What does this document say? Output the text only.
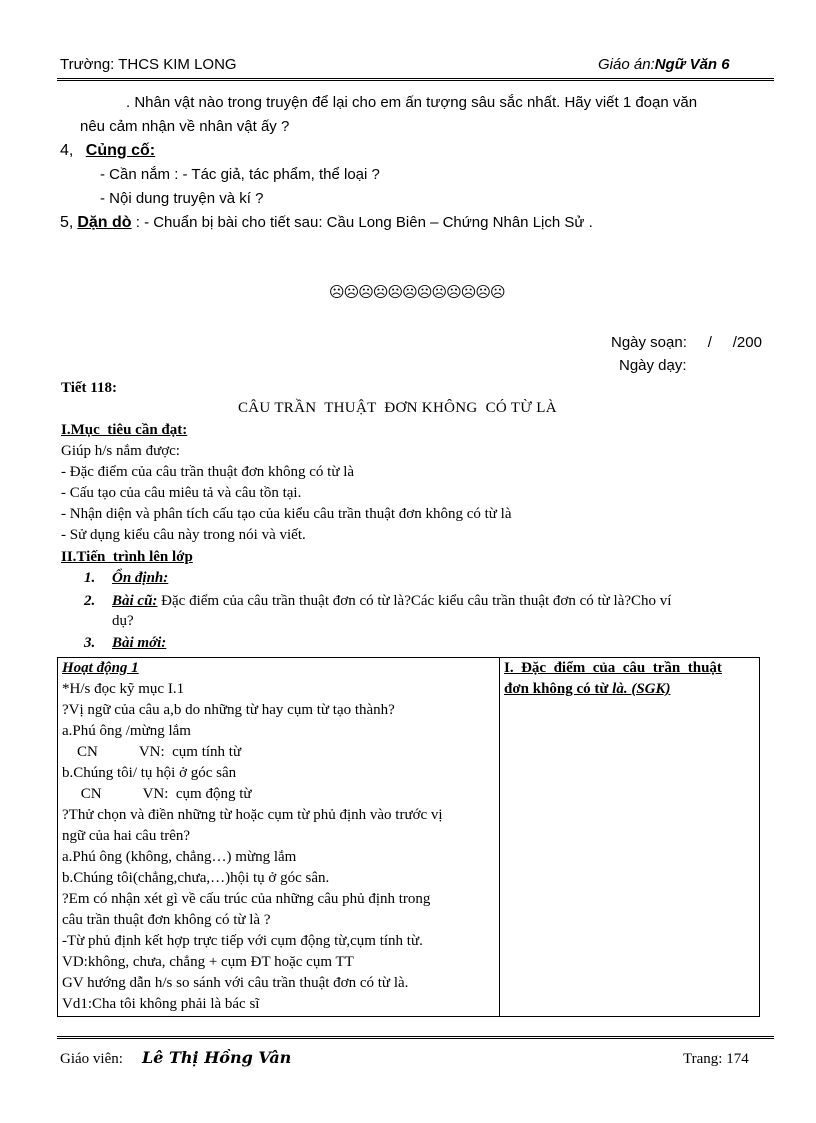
Trường: THCS KIM LONG	Giáo án:Ngữ Văn 6
. Nhân vật nào trong truyện để lại cho em ấn tượng sâu sắc nhất. Hãy viết 1 đoạn văn
nêu cảm nhận về nhân vật ấy ?
4, Củng cố:
- Cần nắm : - Tác giả, tác phẩm, thể loại ?
- Nội dung truyện và kí ?
5, Dặn dò : - Chuẩn bị bài cho tiết sau: Cầu Long Biên – Chứng Nhân Lịch Sử .
☹☹☹☹☹☹☹☹☹☹☹☹
Ngày soạn:     /     /200
Ngày dạy:
Tiết 118:
CÂU TRẦN  THUẬT  ĐƠN KHÔNG  CÓ TỪ LÀ
I.Mục  tiêu cần đạt:
Giúp h/s nắm được:
- Đặc điểm của câu trần thuật đơn không có từ là
- Cấu tạo của câu miêu tả và câu tồn tại.
- Nhận diện và phân tích cấu tạo của kiểu câu trần thuật đơn không có từ là
- Sử dụng kiểu câu này trong nói và viết.
II.Tiến  trình lên lớp
1. Ổn định:
2. Bài cũ: Đặc điểm của câu trần thuật đơn có từ là?Các kiểu câu trần thuật đơn có từ là?Cho ví
dụ?
3. Bài mới:
Hoạt động 1
*H/s đọc kỹ mục I.1
?Vị ngữ của câu a,b do những từ hay cụm từ tạo thành?
a.Phú ông /mừng lắm
CN           VN:  cụm tính từ
b.Chúng tôi/ tụ hội ở góc sân
CN           VN:  cụm động từ
?Thử chọn và điền những từ hoặc cụm từ phủ định vào trước vị
ngữ của hai câu trên?
a.Phú ông (không, chẳng…) mừng lắm
b.Chúng tôi(chẳng,chưa,…)hội tụ ở góc sân.
?Em có nhận xét gì về cấu trúc của những câu phủ định trong
câu trần thuật đơn không có từ là ?
-Từ phủ định kết hợp trực tiếp với cụm động từ,cụm tính từ.
VD:không, chưa, chẳng + cụm ĐT hoặc cụm TT
GV hướng dẫn h/s so sánh với câu trần thuật đơn có từ là.
Vd1:Cha tôi không phải là bác sĩ

I.  Đặc  điểm  của  câu  trần  thuật
đơn không có từ là. (SGK)
Giáo viên: Lê Thị Hồng Vân	Trang: 174
